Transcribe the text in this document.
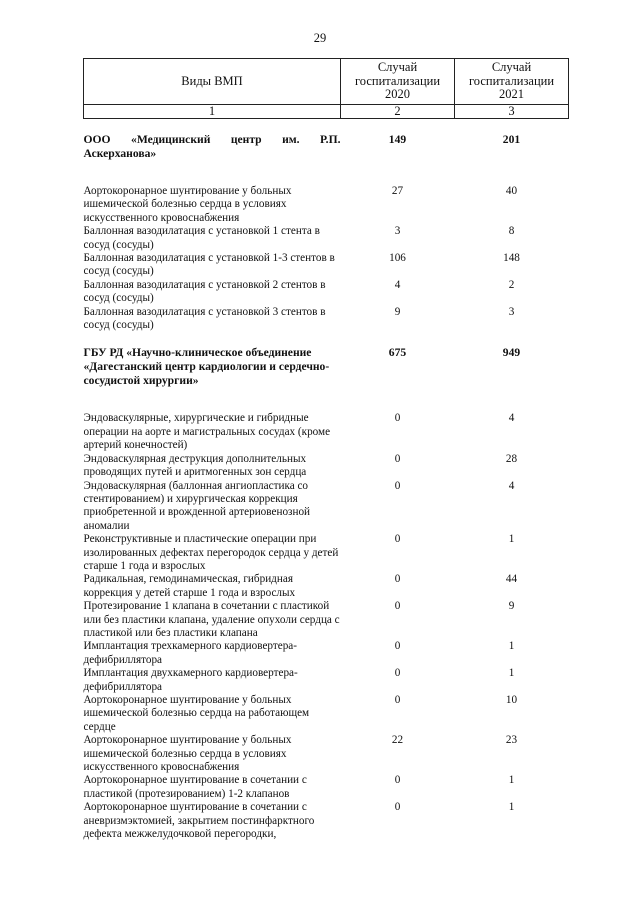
29
Виды ВМП	Случай госпитализации 2020	Случай госпитализации 2021
1	2	3
ООО «Медицинский центр им. Р.П. Аскерханова»	149	201
Аортокоронарное шунтирование у больных ишемической болезнью сердца в условиях искусственного кровоснабжения	27	40
Баллонная вазодилатация с установкой 1 стента в сосуд (сосуды)	3	8
Баллонная вазодилатация с установкой 1-3 стентов в сосуд (сосуды)	106	148
Баллонная вазодилатация с установкой 2 стентов в сосуд (сосуды)	4	2
Баллонная вазодилатация с установкой 3 стентов в сосуд (сосуды)	9	3
ГБУ РД «Научно-клиническое объединение «Дагестанский центр кардиологии и сердечно-сосудистой хирургии»	675	949
Эндоваскулярные, хирургические и гибридные операции на аорте и магистральных сосудах (кроме артерий конечностей)	0	4
Эндоваскулярная деструкция дополнительных проводящих путей и аритмогенных зон сердца	0	28
Эндоваскулярная (баллонная ангиопластика со стентированием) и хирургическая коррекция приобретенной и врожденной артериовенозной аномалии	0	4
Реконструктивные и пластические операции при изолированных дефектах перегородок сердца у детей старше 1 года и взрослых	0	1
Радикальная, гемодинамическая, гибридная коррекция у детей старше 1 года и взрослых	0	44
Протезирование 1 клапана в сочетании с пластикой или без пластики клапана, удаление опухоли сердца с пластикой или без пластики клапана	0	9
Имплантация трехкамерного кардиовертера-дефибриллятора	0	1
Имплантация двухкамерного кардиовертера-дефибриллятора	0	1
Аортокоронарное шунтирование у больных ишемической болезнью сердца на работающем сердце	0	10
Аортокоронарное шунтирование у больных ишемической болезнью сердца в условиях искусственного кровоснабжения	22	23
Аортокоронарное шунтирование в сочетании с пластикой (протезированием) 1-2 клапанов	0	1
Аортокоронарное шунтирование в сочетании с аневризмэктомией, закрытием постинфарктного дефекта межжелудочковой перегородки,	0	1
